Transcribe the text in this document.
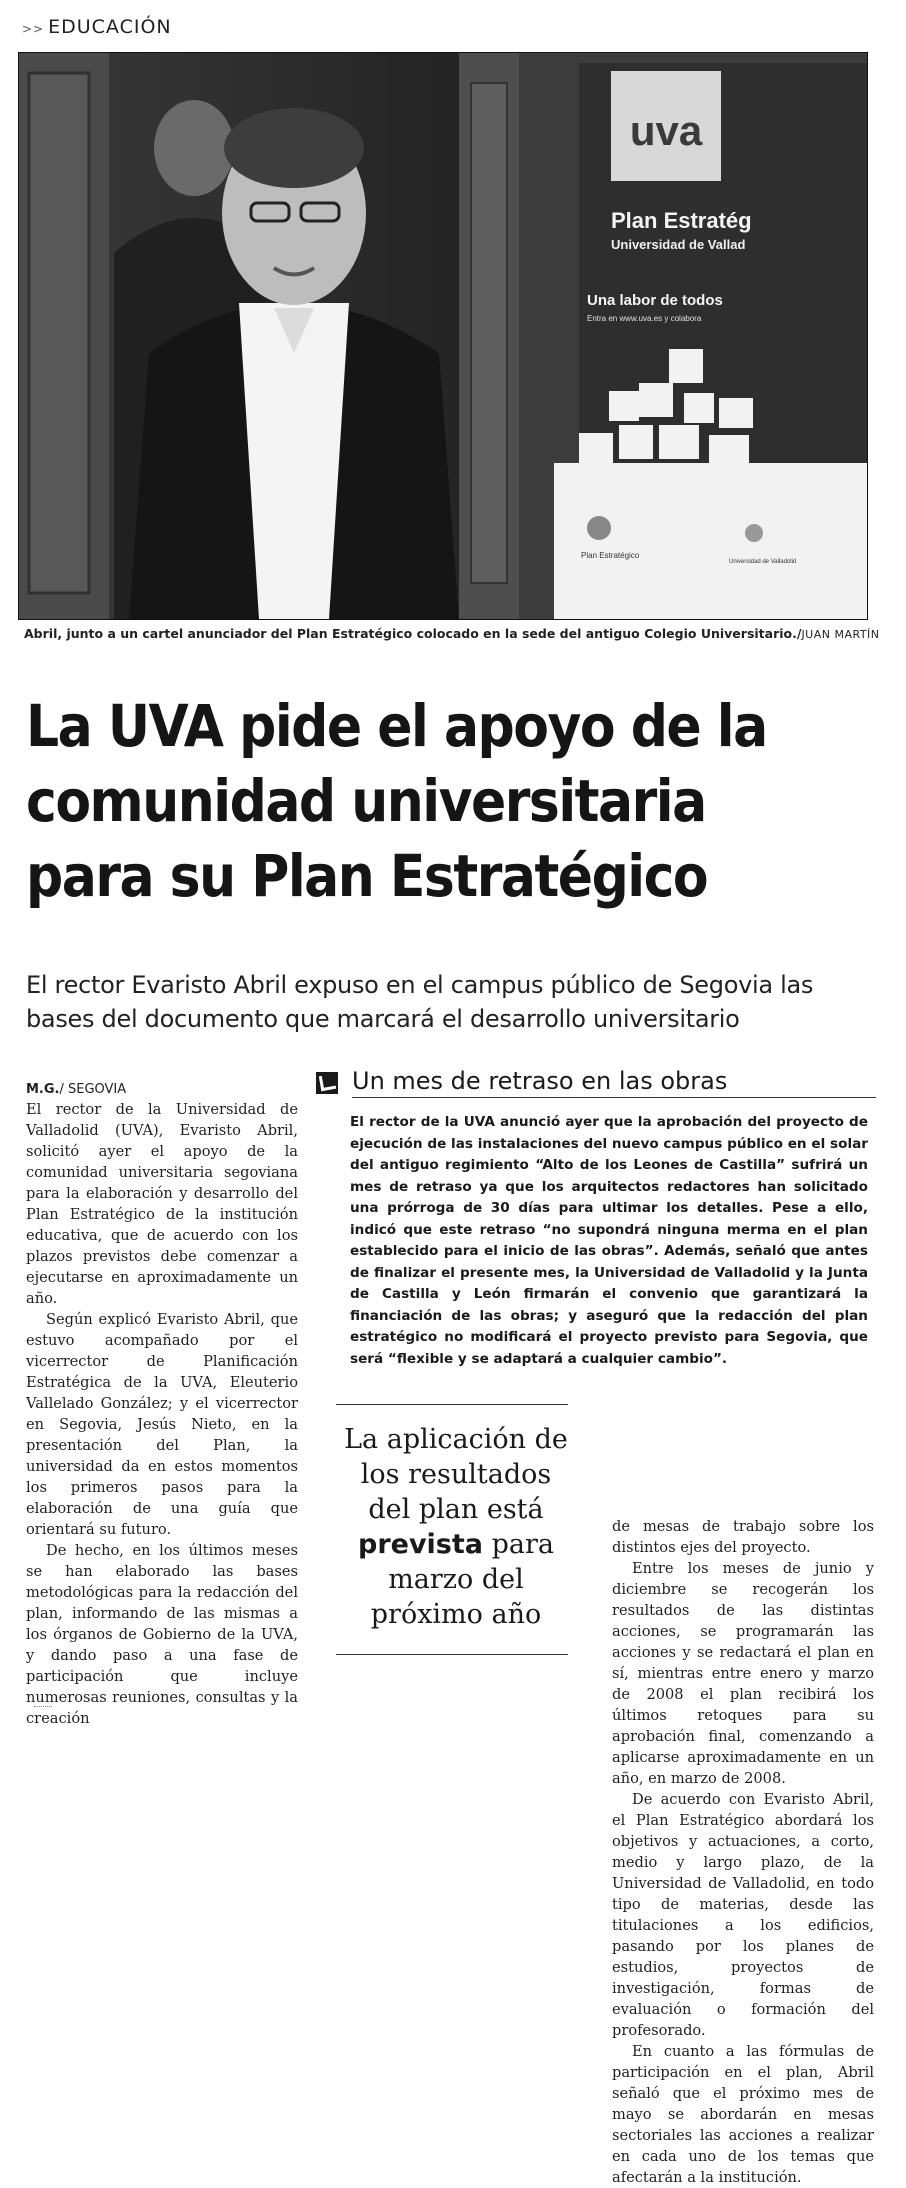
>> EDUCACIÓN
uva
Plan Estratég
Universidad de Vallad
Una labor de todos
Entra en www.uva.es y colabora
Plan Estratégico
Universidad de Valladolid
Abril, junto a un cartel anunciador del Plan Estratégico colocado en la sede del antiguo Colegio Universitario./JUAN MARTÍN
La UVA pide el apoyo de la
comunidad universitaria
para su Plan Estratégico
El rector Evaristo Abril expuso en el campus público de Segovia las bases del documento que marcará el desarrollo universitario
M.G./ SEGOVIA

El rector de la Universidad de Valladolid (UVA), Evaristo Abril, solicitó ayer el apoyo de la comunidad universitaria segoviana para la elaboración y desarrollo del Plan Estratégico de la institución educativa, que de acuerdo con los plazos previstos debe comenzar a ejecutarse en aproximadamente un año.

Según explicó Evaristo Abril, que estuvo acompañado por el vicerrector de Planificación Estratégica de la UVA, Eleuterio Vallelado González; y el vicerrector en Segovia, Jesús Nieto, en la presentación del Plan, la universidad da en estos momentos los primeros pasos para la elaboración de una guía que orientará su futuro.

De hecho, en los últimos meses se han elaborado las bases metodológicas para la redacción del plan, informando de las mismas a los órganos de Gobierno de la UVA, y dando paso a una fase de participación que incluye numerosas reuniones, consultas y la creación

Un mes de retraso en las obras
El rector de la UVA anunció ayer que la aprobación del proyecto de ejecución de las instalaciones del nuevo campus público en el solar del antiguo regimiento “Alto de los Leones de Castilla” sufrirá un mes de retraso ya que los arquitectos redactores han solicitado una prórroga de 30 días para ultimar los detalles. Pese a ello, indicó que este retraso “no supondrá ninguna merma en el plan establecido para el inicio de las obras”. Además, señaló que antes de finalizar el presente mes, la Universidad de Valladolid y la Junta de Castilla y León firmarán el convenio que garantizará la financiación de las obras; y aseguró que la redacción del plan estratégico no modificará el proyecto previsto para Segovia, que será “flexible y se adaptará a cualquier cambio”.
La aplicación de los resultados del plan está prevista para marzo del próximo año

de mesas de trabajo sobre los distintos ejes del proyecto.

Entre los meses de junio y diciembre se recogerán los resultados de las distintas acciones, se programarán las acciones y se redactará el plan en sí, mientras entre enero y marzo de 2008 el plan recibirá los últimos retoques para su aprobación final, comenzando a aplicarse aproximadamente en un año, en marzo de 2008.

De acuerdo con Evaristo Abril, el Plan Estratégico abordará los objetivos y actuaciones, a corto, medio y largo plazo, de la Universidad de Valladolid, en todo tipo de materias, desde las titulaciones a los edificios, pasando por los planes de estudios, proyectos de investigación, formas de evaluación o formación del profesorado.

En cuanto a las fórmulas de participación en el plan, Abril señaló que el próximo mes de mayo se abordarán en mesas sectoriales las acciones a realizar en cada uno de los temas que afectarán a la institución.
